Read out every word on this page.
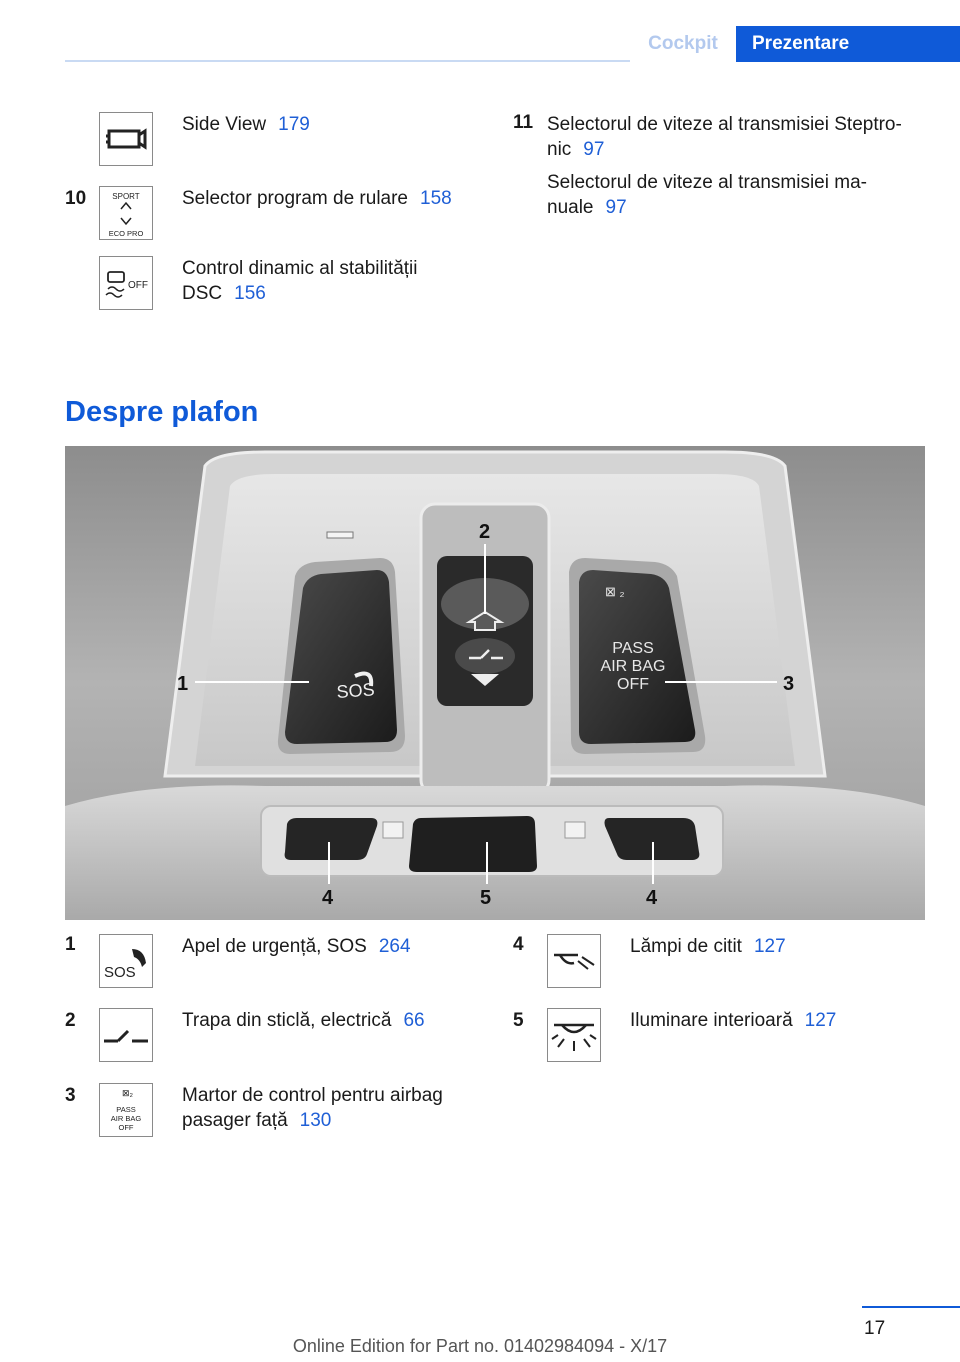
Cockpit	Prezentare
Side View 179
10	SPORT
ECO PRO
Selector program de rulare 158
OFF
Control dinamic al stabilității
DSC 156
11 Selectorul de viteze al transmisiei Steptro‐
nic 97
Selectorul de viteze al transmisiei ma‐
nuale 97
Despre plafon
SOS
⊠ ₂
PASS
AIR BAG
OFF
1
2
3
4	5	4
1
SOS
Apel de urgență, SOS 264
2	Trapa din sticlă, electrică 66
3	⊠₂
PASS
AIR BAG
OFF
Martor de control pentru airbag
pasager față 130
4	Lămpi de citit 127
5	Iluminare interioară 127
17
Online Edition for Part no. 01402984094 - X/17
